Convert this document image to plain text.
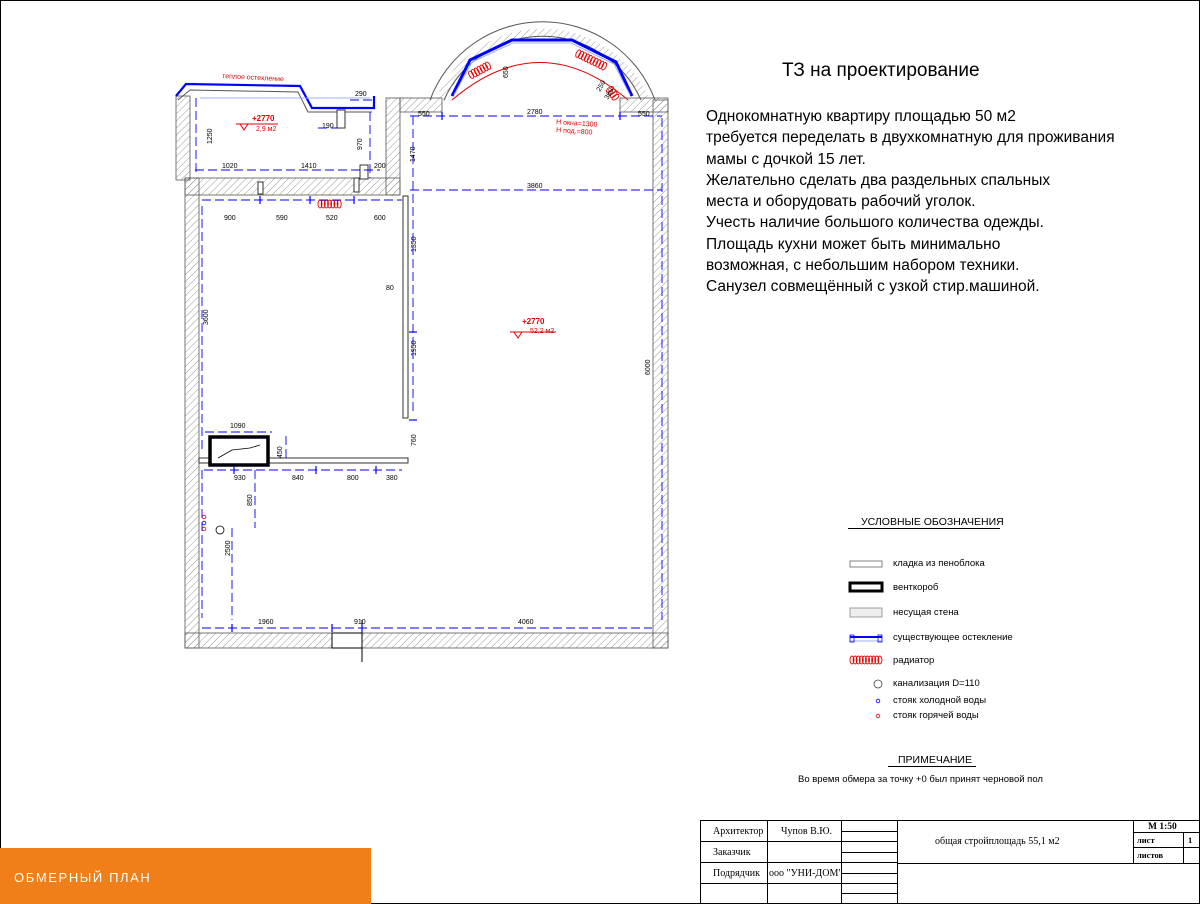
теплое остекление
+2770
2,9 м2
+2770
52,2 м2
Н окна=1300
Н под.=800
650
250
380
2780
550	550
1470
3860
1250
190
290
970
1020	1410	200
900	590	520	600
1350
80
3600
1950
6000
760
1090
450
930	840	800	380
850
2500
1960	910	4060
ТЗ на проектирование
Однокомнатную квартиру площадью 50 м2
требуется переделать в двухкомнатную для проживания
мамы с дочкой 15 лет.
Желательно сделать два раздельных спальных
места и оборудовать рабочий уголок.
Учесть наличие большого количества одежды.
Площадь кухни может быть минимально
возможная, с небольшим набором техники.
Санузел совмещённый с узкой стир.машиной.
УСЛОВНЫЕ ОБОЗНАЧЕНИЯ
кладка из пеноблока
венткороб
несущая стена
существующее остекление
радиатор
канализация D=110
стояк холодной воды
стояк горячей воды
ПРИМЕЧАНИЕ
Во время обмера за точку +0 был принят черновой пол
Архитектор Чупов В.Ю.
Заказчик
Подрядчик ооо "УНИ-ДОМ"
общая стройплощадь 55,1 м2
М 1:50
лист	1
листов
ОБМЕРНЫЙ ПЛАН
